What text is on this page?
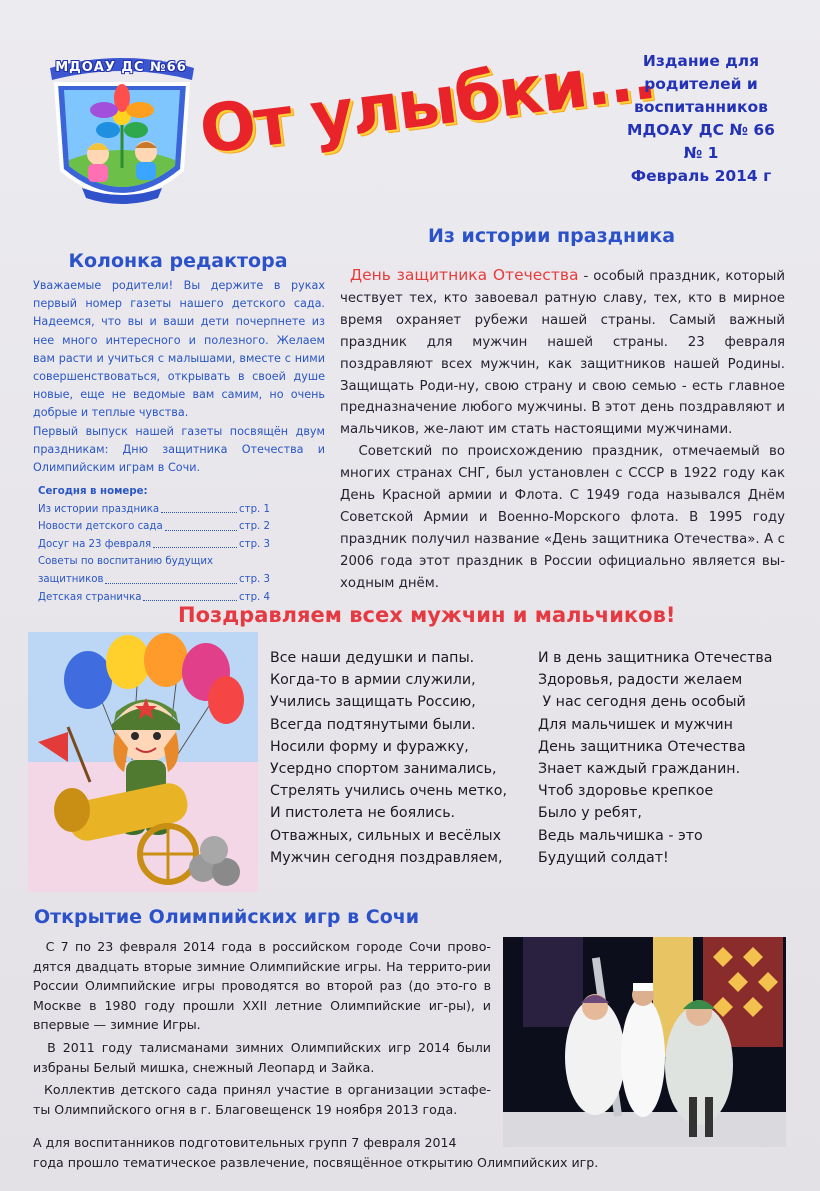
МДОАУ ДС №66 От улыбки...
Издание для
родителей и
воспитанников
МДОАУ ДС № 66
№ 1
Февраль 2014 г
Колонка редактора

Уважаемые родители! Вы держите в руках первый номер газеты нашего детского сада. Надеемся, что вы и ваши дети почерпнете из нее много интересного и полезного. Желаем вам расти и учиться с малышами, вместе с ними совершенствоваться, открывать в своей душе новые, еще не ведомые вам самим, но очень добрые и теплые чувства.

Первый выпуск нашей газеты посвящён двум праздникам: Дню защитника Отечества и Олимпийским играм в Сочи.

Сегодня в номере:
Из истории праздника	стр. 1
Новости детского сада	стр. 2
Досуг на 23 февраля	стр. 3
Советы по воспитанию будущих
защитников	стр. 3
Детская страничка	стр. 4
Из истории праздника

День защитника Отечества - особый праздник, который чествует тех, кто завоевал ратную славу, тех, кто в мирное время охраняет рубежи нашей страны. Самый важный праздник для мужчин нашей страны. 23 февраля поздравляют всех мужчин, как защитников нашей Родины. Защищать Роди-ну, свою страну и свою семью - есть главное предназначение любого мужчины. В этот день поздравляют и мальчиков, же-лают им стать настоящими мужчинами.

Советский по происхождению праздник, отмечаемый во многих странах СНГ, был установлен с СССР в 1922 году как День Красной армии и Флота. С 1949 года назывался Днём Советской Армии и Военно-Морского флота. В 1995 году праздник получил название «День защитника Отечества». А с 2006 года этот праздник в России официально является вы-ходным днём.

Поздравляем всех мужчин и мальчиков!
Все наши дедушки и папы.
Когда-то в армии служили,
Учились защищать Россию,
Всегда подтянутыми были.
Носили форму и фуражку,
Усердно спортом занимались,
Стрелять учились очень метко,
И пистолета не боялись.
Отважных, сильных и весёлых
Мужчин сегодня поздравляем,
И в день защитника Отечества
Здоровья, радости желаем
У нас сегодня день особый
Для мальчишек и мужчин
День защитника Отечества
Знает каждый гражданин.
Чтоб здоровье крепкое
Было у ребят,
Ведь мальчишка - это
Будущий солдат!
Открытие Олимпийских игр в Сочи

С 7 по 23 февраля 2014 года в российском городе Сочи прово-дятся двадцать вторые зимние Олимпийские игры. На террито-рии России Олимпийские игры проводятся во второй раз (до это-го в Москве в 1980 году прошли XXII летние Олимпийские иг-ры), и впервые — зимние Игры.

В 2011 году талисманами зимних Олимпийских игр 2014 были избраны Белый мишка, снежный Леопард и Зайка.

Коллектив детского сада принял участие в организации эстафе-ты Олимпийского огня в г. Благовещенск 19 ноября 2013 года.

А для воспитанников подготовительных групп 7 февраля 2014

года прошло тематическое развлечение, посвящённое открытию Олимпийских игр.
